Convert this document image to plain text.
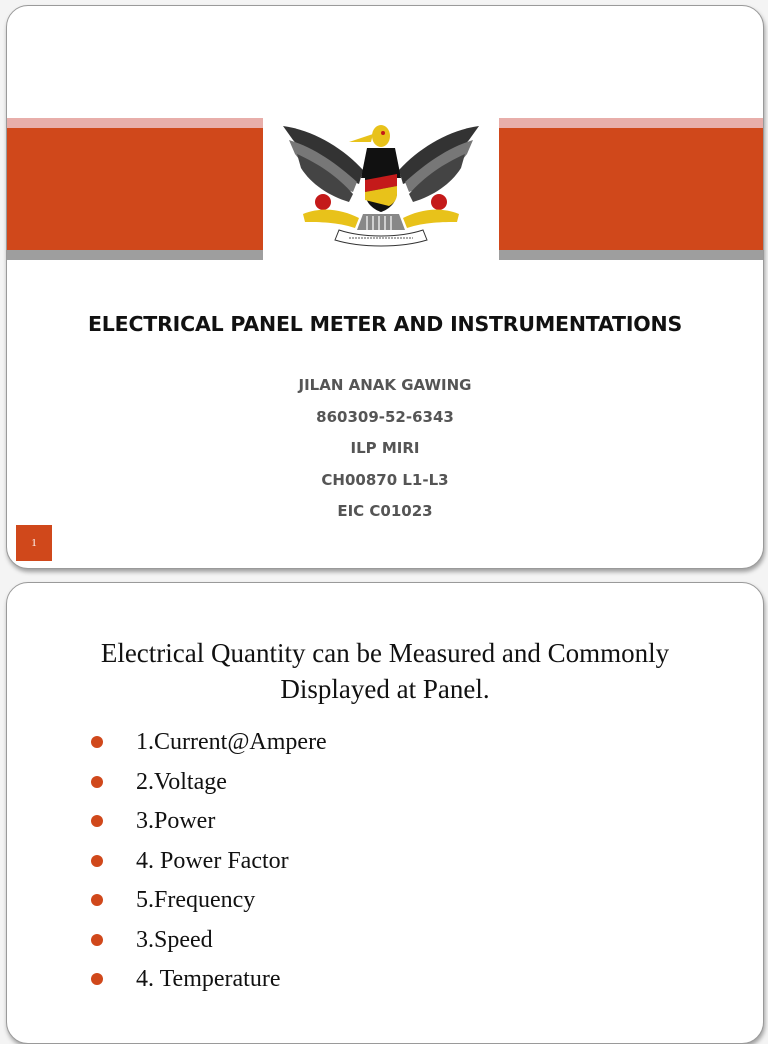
ELECTRICAL PANEL METER AND INSTRUMENTATIONS
JILAN ANAK GAWING
860309-52-6343
ILP MIRI
CH00870 L1-L3
EIC C01023
1
Electrical Quantity can be Measured and Commonly
Displayed at Panel.
1.Current@Ampere
2.Voltage
3.Power
4. Power Factor
5.Frequency
3.Speed
4. Temperature
